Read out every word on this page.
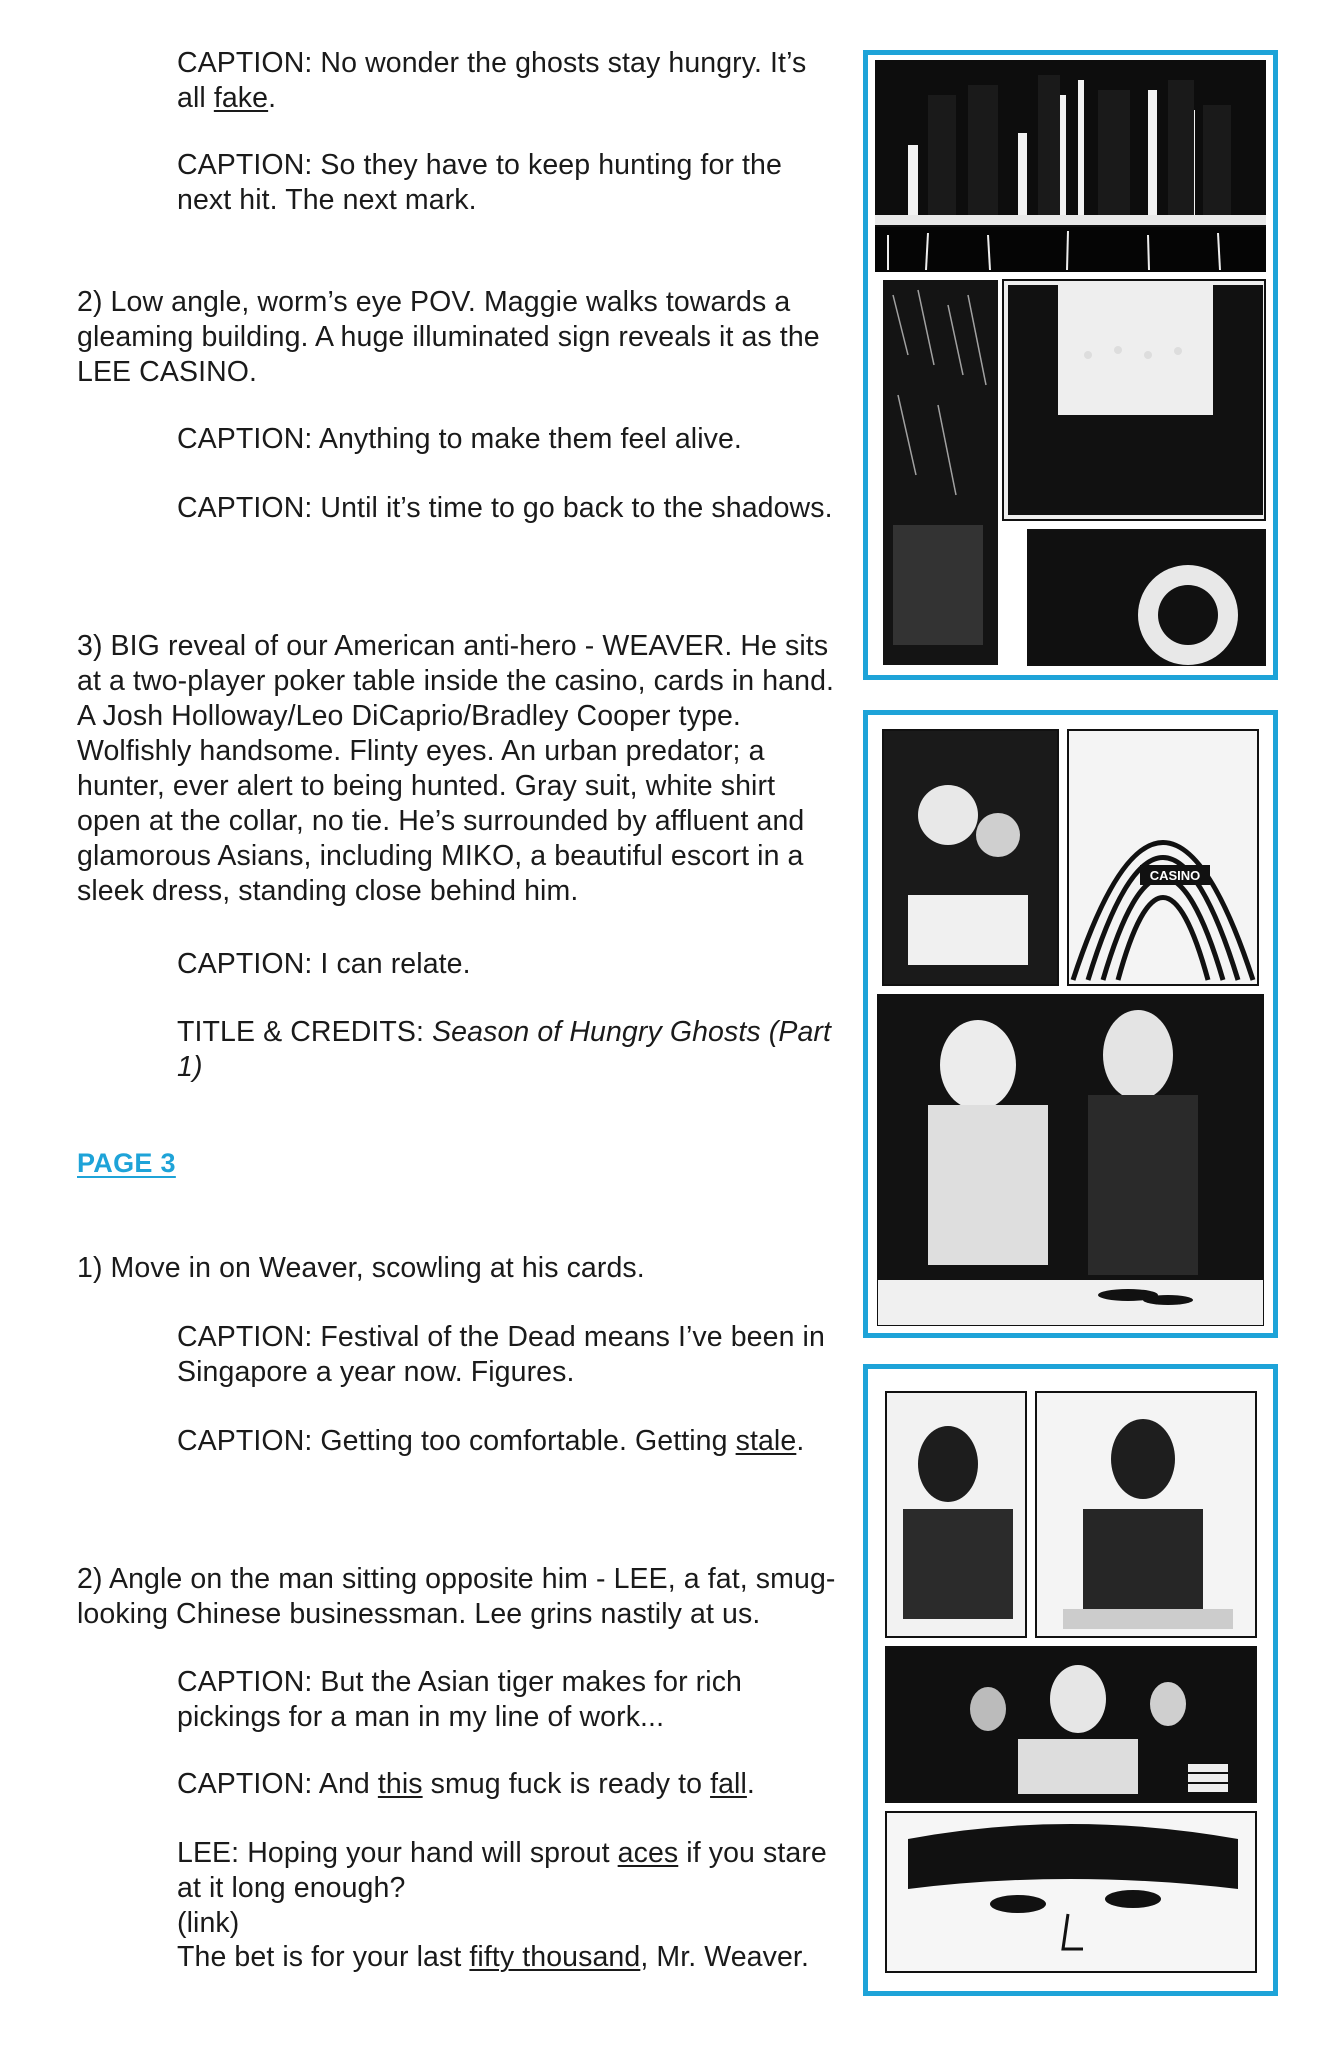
CAPTION: No wonder the ghosts stay hungry. It’s all fake.

CAPTION: So they have to keep hunting for the next hit. The next mark.

2) Low angle, worm’s eye POV. Maggie walks towards a gleaming building. A huge illuminated sign reveals it as the LEE CASINO.

CAPTION: Anything to make them feel alive.

CAPTION: Until it’s time to go back to the shadows.

3) BIG reveal of our American anti-hero - WEAVER. He sits at a two-player poker table inside the casino, cards in hand. A Josh Holloway/Leo DiCaprio/Bradley Cooper type. Wolfishly handsome. Flinty eyes. An urban predator; a hunter, ever alert to being hunted. Gray suit, white shirt open at the collar, no tie. He’s surrounded by affluent and glamorous Asians, including MIKO, a beautiful escort in a sleek dress, standing close behind him.

CAPTION: I can relate.

TITLE & CREDITS: Season of Hungry Ghosts (Part 1)

PAGE 3

1) Move in on Weaver, scowling at his cards.

CAPTION: Festival of the Dead means I’ve been in Singapore a year now. Figures.

CAPTION: Getting too comfortable. Getting stale.

2) Angle on the man sitting opposite him - LEE, a fat, smug-looking Chinese businessman. Lee grins nastily at us.

CAPTION: But the Asian tiger makes for rich pickings for a man in my line of work...

CAPTION: And this smug fuck is ready to fall.

LEE: Hoping your hand will sprout aces if you stare at it long enough?

(link)

The bet is for your last fifty thousand, Mr. Weaver.

CASINO
